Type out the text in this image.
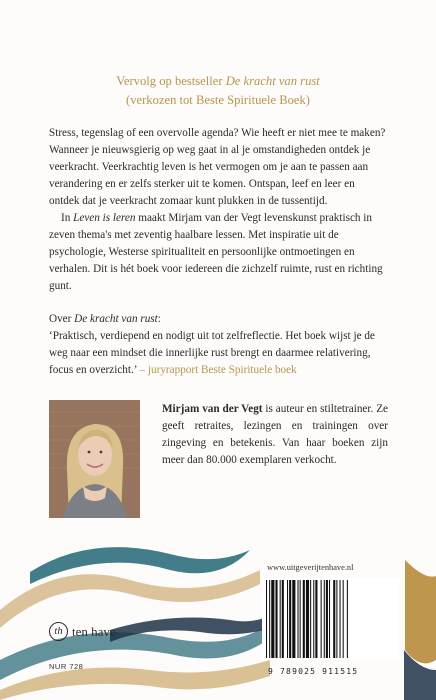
Vervolg op bestseller De kracht van rust
(verkozen tot Beste Spirituele Boek)
Stress, tegenslag of een overvolle agenda? Wie heeft er niet mee te maken? Wanneer je nieuwsgierig op weg gaat in al je omstandigheden ontdek je veerkracht. Veerkrachtig leven is het vermogen om je aan te passen aan verandering en er zelfs sterker uit te komen. Ontspan, leef en leer en ontdek dat je veerkracht zomaar kunt plukken in de tussentijd.
In Leven is leren maakt Mirjam van der Vegt levenskunst praktisch in zeven thema's met zeventig haalbare lessen. Met inspiratie uit de psychologie, Westerse spiritualiteit en persoonlijke ontmoetingen en verhalen. Dit is hét boek voor iedereen die zichzelf ruimte, rust en richting gunt.
Over De kracht van rust:
‘Praktisch, verdiepend en nodigt uit tot zelfreflectie. Het boek wijst je de weg naar een mindset die innerlijke rust brengt en daarmee relativering, focus en overzicht.’ – juryrapport Beste Spirituele boek
Mirjam van der Vegt is auteur en stiltetrainer. Ze geeft retraites, lezingen en trainingen over zingeving en betekenis. Van haar boeken zijn meer dan 80.000 exemplaren verkocht.
www.uitgeverijtenhave.nl
9 789025 911515
th ten have
NUR 728
